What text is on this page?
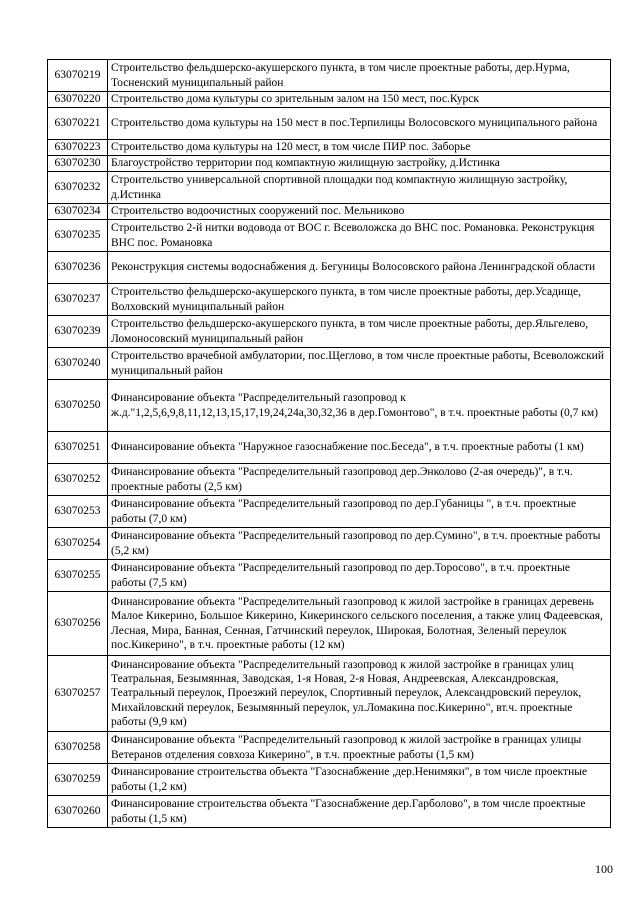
63070219	Строительство фельдшерско-акушерского пункта, в том числе проектные работы, дер.Нурма, Тосненский муниципальный район
63070220	Строительство дома культуры со зрительным залом на 150 мест, пос.Курск
63070221	Строительство дома культуры на 150 мест в пос.Терпилицы Волосовского муниципального района
63070223	Строительство дома культуры на 120 мест, в том числе ПИР пос. Заборье
63070230	Благоустройство территории под компактную жилищную застройку, д.Истинка
63070232	Строительство универсальной спортивной площадки под компактную жилищную застройку, д.Истинка
63070234	Строительство водоочистных сооружений пос. Мельниково
63070235	Строительство 2-й нитки водовода от ВОС г. Всеволожска до ВНС пос. Романовка. Реконструкция ВНС пос. Романовка
63070236	Реконструкция системы водоснабжения д. Бегуницы Волосовского района Ленинградской области
63070237	Строительство фельдшерско-акушерского пункта, в том числе проектные работы, дер.Усадище, Волховский муниципальный район
63070239	Строительство фельдшерско-акушерского пункта, в том числе проектные работы, дер.Яльгелево, Ломоносовский муниципальный район
63070240	Строительство врачебной амбулатории, пос.Щеглово, в том числе проектные работы, Всеволожский муниципальный район
63070250	Финансирование объекта "Распределительный газопровод к ж.д."1,2,5,6,9,8,11,12,13,15,17,19,24,24а,30,32,36 в дер.Гомонтово", в т.ч. проектные работы (0,7 км)
63070251	Финансирование объекта "Наружное газоснабжение пос.Беседа", в т.ч. проектные работы (1 км)
63070252	Финансирование объекта "Распределительный газопровод дер.Энколово (2-ая очередь)", в т.ч. проектные работы (2,5 км)
63070253	Финансирование объекта "Распределительный газопровод по дер.Губаницы ", в т.ч. проектные работы (7,0 км)
63070254	Финансирование объекта "Распределительный газопровод по дер.Сумино", в т.ч. проектные работы (5,2 км)
63070255	Финансирование объекта "Распределительный газопровод по дер.Торосово", в т.ч. проектные работы (7,5 км)
63070256	Финансирование объекта "Распределительный газопровод к жилой застройке в границах деревень Малое Кикерино, Большое Кикерино, Кикеринского сельского поселения, а также улиц Фадеевская, Лесная, Мира, Банная, Сенная, Гатчинский переулок, Широкая, Болотная, Зеленый переулок пос.Кикерино", в т.ч. проектные работы (12 км)
63070257	Финансирование объекта "Распределительный газопровод к жилой застройке в границах улиц Театральная, Безымянная, Заводская, 1-я Новая, 2-я Новая, Андреевская, Александровская, Театральный переулок, Проезжий переулок, Спортивный переулок, Александровский переулок, Михайловский переулок, Безымянный переулок, ул.Ломакина пос.Кикерино", вт.ч. проектные работы (9,9 км)
63070258	Финансирование объекта "Распределительный газопровод к жилой застройке в границах улицы Ветеранов отделения совхоза Кикерино", в т.ч. проектные работы (1,5 км)
63070259	Финансирование строительства объекта "Газоснабжение ,дер.Ненимяки", в том числе проектные работы (1,2 км)
63070260	Финансирование строительства объекта "Газоснабжение дер.Гарболово", в том числе проектные работы (1,5 км)
100
